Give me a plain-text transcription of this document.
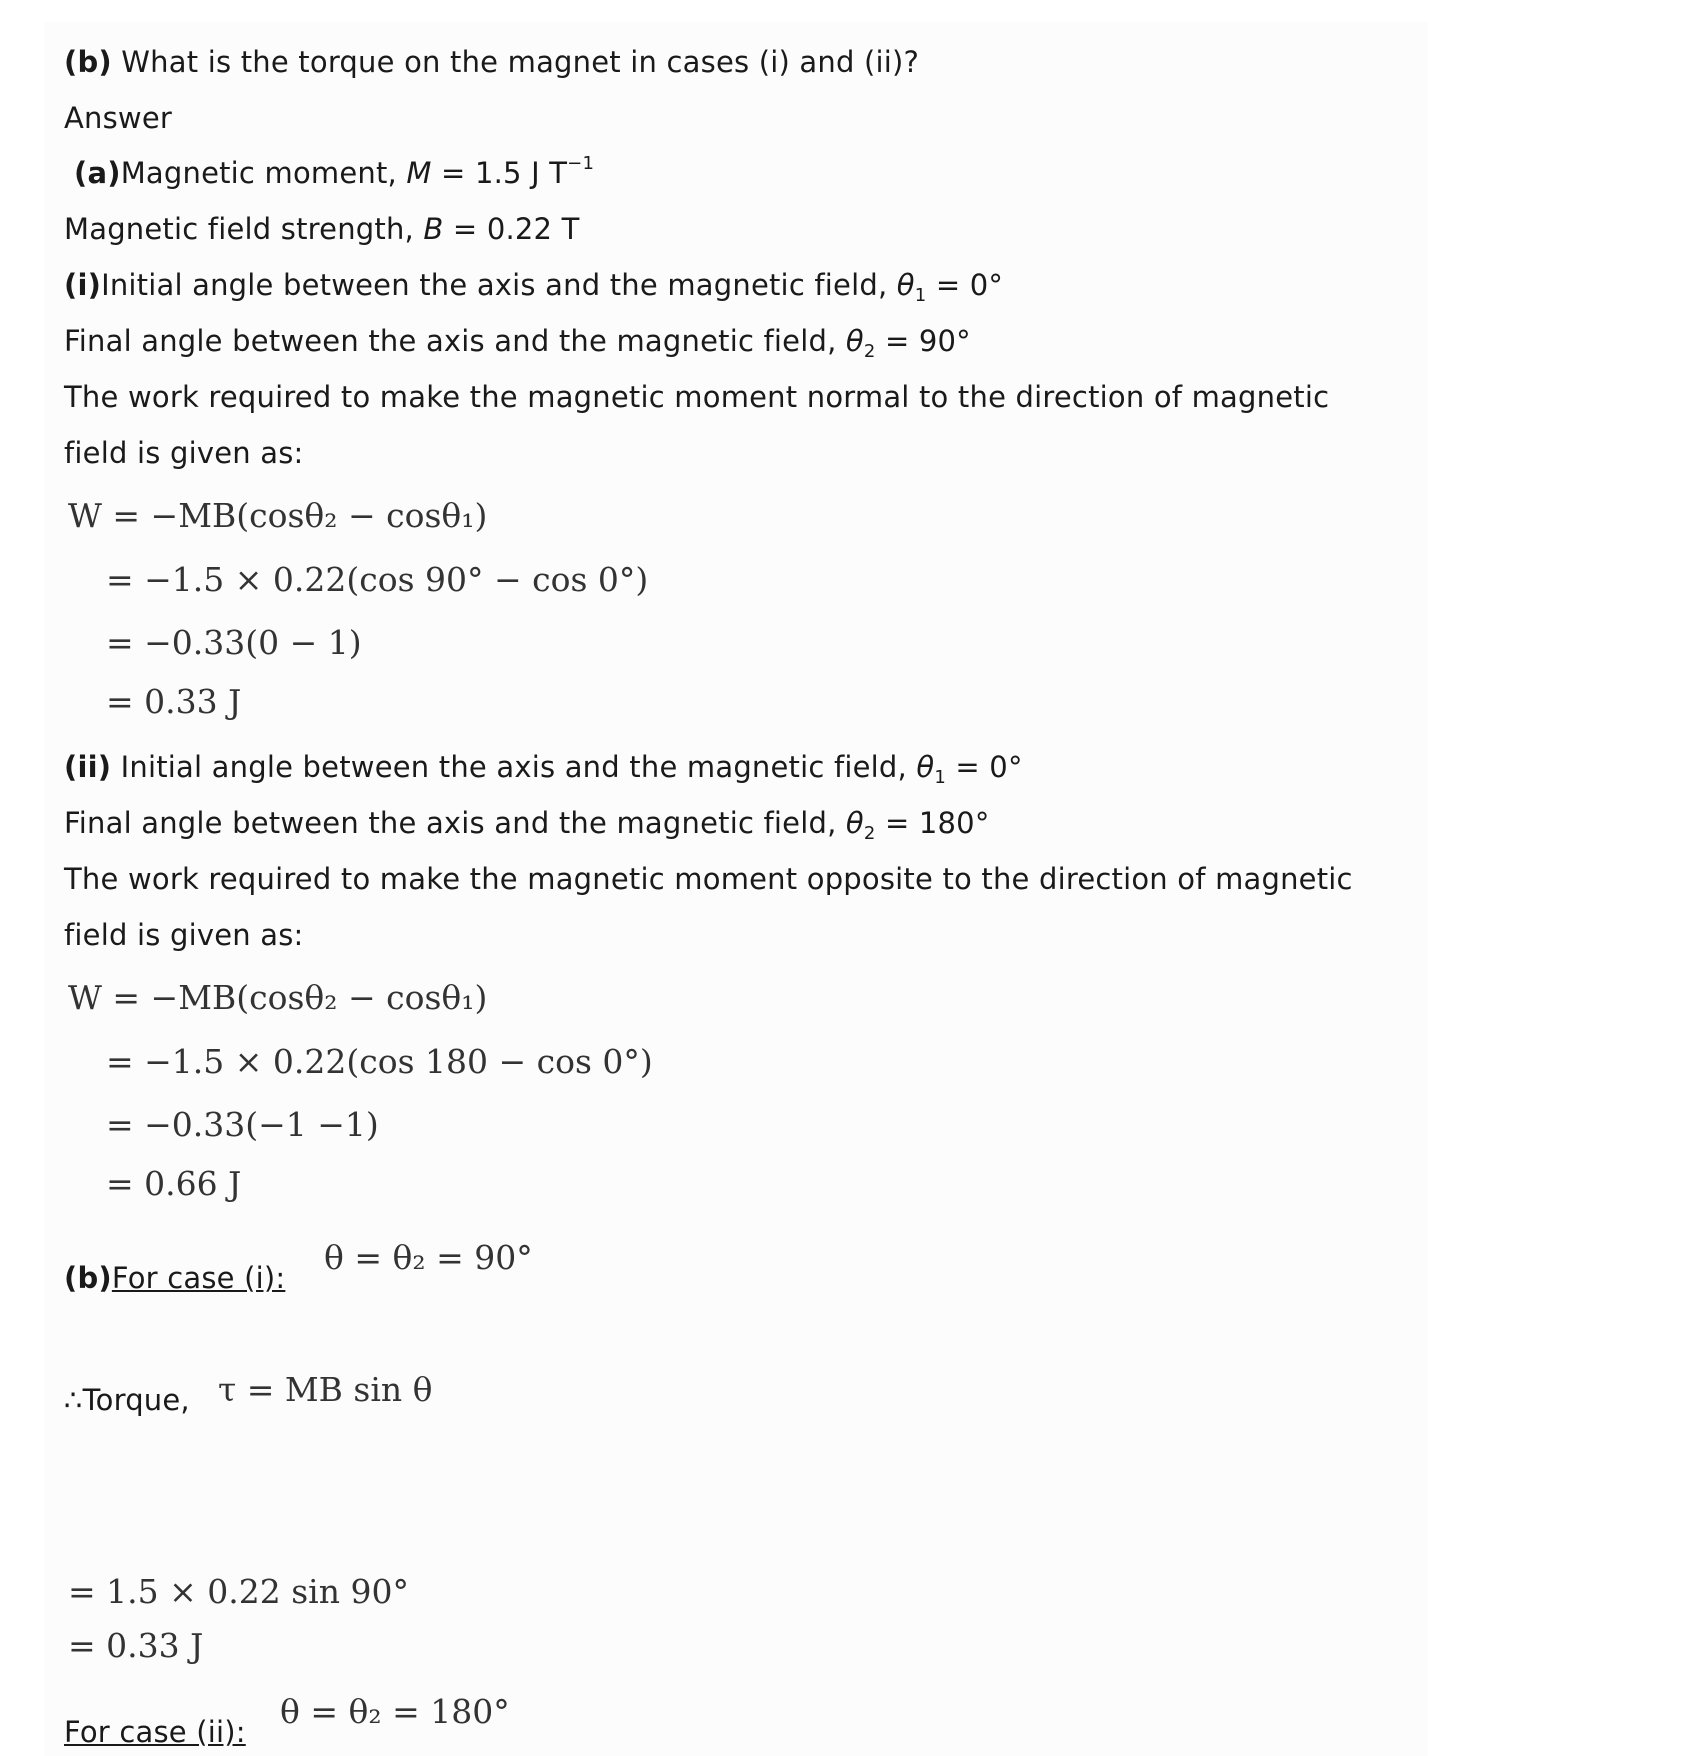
(b) What is the torque on the magnet in cases (i) and (ii)?
Answer
(a)Magnetic moment, M = 1.5 J $T^{-1}$
Magnetic field strength, B = 0.22 T
(i)Initial angle between the axis and the magnetic field, $\theta_1 = 0^\circ$
Final angle between the axis and the magnetic field, $\theta_2 = 90^\circ$
The work required to make the magnetic moment normal to the direction of magnetic
field is given as:
W = −MB(cosθ₂ − cosθ₁)
= −1.5 × 0.22(cos 90° − cos 0°)
= −0.33(0 − 1)
= 0.33 J
(ii) Initial angle between the axis and the magnetic field, $\theta_1 = 0^\circ$
Final angle between the axis and the magnetic field, $\theta_2 = 180^\circ$
The work required to make the magnetic moment opposite to the direction of magnetic
field is given as:
W = −MB(cosθ₂ − cosθ₁)
= −1.5 × 0.22(cos 180 − cos 0°)
= −0.33(−1 −1)
= 0.66 J
(b)For case (i):
θ = θ₂ = 90°
∴Torque, τ = MB sin θ
= 1.5 × 0.22 sin 90°
= 0.33 J
For case (ii):
θ = θ₂ = 180°
